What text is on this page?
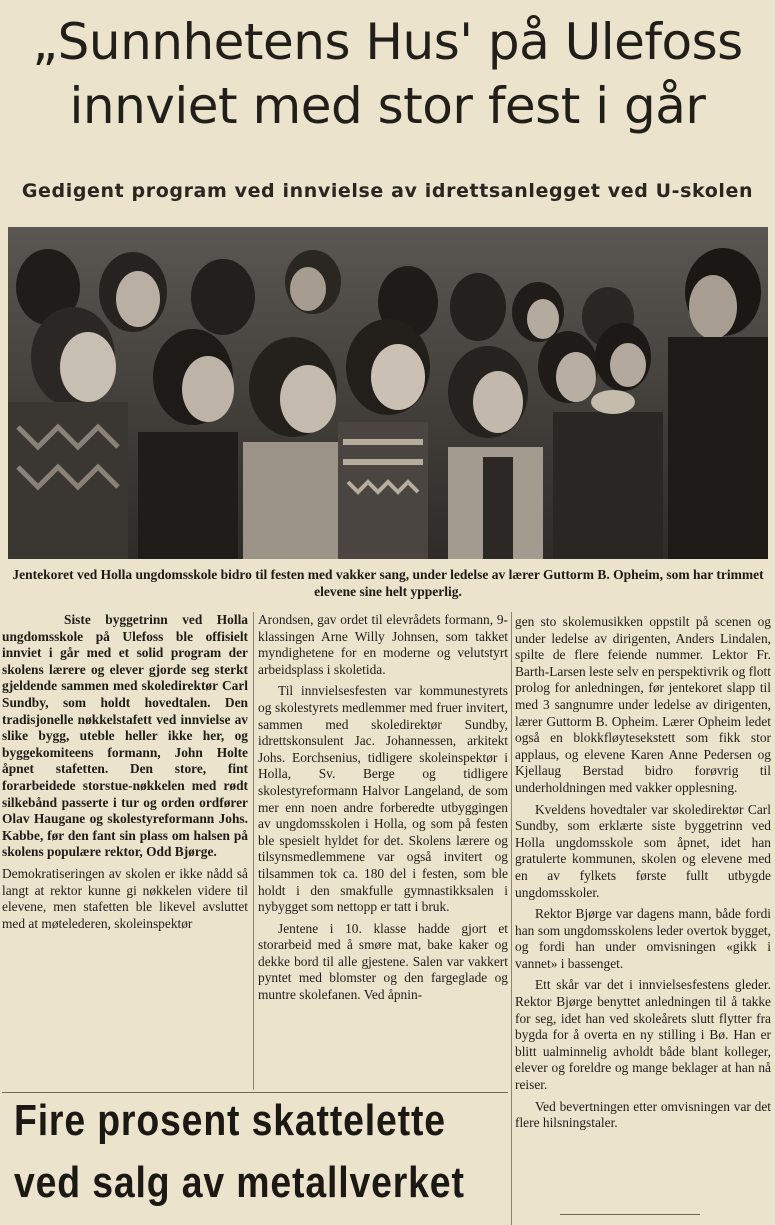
„Sunnhetens Hus' på Ulefoss
innviet med stor fest i går
Gedigent program ved innvielse av idrettsanlegget ved U-skolen
Jentekoret ved Holla ungdomsskole bidro til festen med vakker sang, under ledelse av lærer Guttorm B. Opheim, som har trimmet elevene sine helt ypperlig.

Siste byggetrinn ved Holla ungdomsskole på Ulefoss ble offisielt innviet i går med et solid program der skolens lærere og elever gjorde seg sterkt gjeldende sammen med skoledirektør Carl Sundby, som holdt hovedtalen. Den tradisjonelle nøkkelstafett ved innvielse av slike bygg, uteble heller ikke her, og byggekomiteens formann, John Holte åpnet stafetten. Den store, fint forarbeidede storstue-nøkkelen med rødt silkebånd passerte i tur og orden ordfører Olav Haugane og skolestyreformann Johs. Kabbe, før den fant sin plass om halsen på skolens populære rektor, Odd Bjørge.

Demokratiseringen av skolen er ikke nådd så langt at rektor kunne gi nøkkelen videre til elevene, men stafetten ble likevel avsluttet med at møtelederen, skoleinspektør

Arondsen, gav ordet til elevrådets formann, 9-klassingen Arne Willy Johnsen, som takket myndighetene for en moderne og velutstyrt arbeidsplass i skoletida.

Til innvielsesfesten var kommunestyrets og skolestyrets medlemmer med fruer invitert, sammen med skoledirektør Sundby, idrettskonsulent Jac. Johannessen, arkitekt Johs. Eorchsenius, tidligere skoleinspektør i Holla, Sv. Berge og tidligere skolestyreformann Halvor Langeland, de som mer enn noen andre forberedte utbyggingen av ungdomsskolen i Holla, og som på festen ble spesielt hyldet for det. Skolens lærere og tilsynsmedlemmene var også invitert og tilsammen tok ca. 180 del i festen, som ble holdt i den smakfulle gymnastikksalen i nybygget som nettopp er tatt i bruk.

Jentene i 10. klasse hadde gjort et storarbeid med å smøre mat, bake kaker og dekke bord til alle gjestene. Salen var vakkert pyntet med blomster og den fargeglade og muntre skolefanen. Ved åpnin-

gen sto skolemusikken oppstilt på scenen og under ledelse av dirigenten, Anders Lindalen, spilte de flere feiende nummer. Lektor Fr. Barth-Larsen leste selv en perspektivrik og flott prolog for anledningen, før jentekoret slapp til med 3 sangnumre under ledelse av dirigenten, lærer Guttorm B. Opheim. Lærer Opheim ledet også en blokkfløytesekstett som fikk stor applaus, og elevene Karen Anne Pedersen og Kjellaug Berstad bidro forøvrig til underholdningen med vakker opplesning.

Kveldens hovedtaler var skoledirektør Carl Sundby, som erklærte siste byggetrinn ved Holla ungdomsskole som åpnet, idet han gratulerte kommunen, skolen og elevene med en av fylkets første fullt utbygde ungdomsskoler.

Rektor Bjørge var dagens mann, både fordi han som ungdomsskolens leder overtok bygget, og fordi han under omvisningen «gikk i vannet» i bassenget.

Ett skår var det i innvielsesfestens gleder. Rektor Bjørge benyttet anledningen til å takke for seg, idet han ved skoleårets slutt flytter fra bygda for å overta en ny stilling i Bø. Han er blitt ualminnelig avholdt både blant kolleger, elever og foreldre og mange beklager at han nå reiser.

Ved bevertningen etter omvisningen var det flere hilsningstaler.

Fire prosent skattelette
ved salg av metallverket
